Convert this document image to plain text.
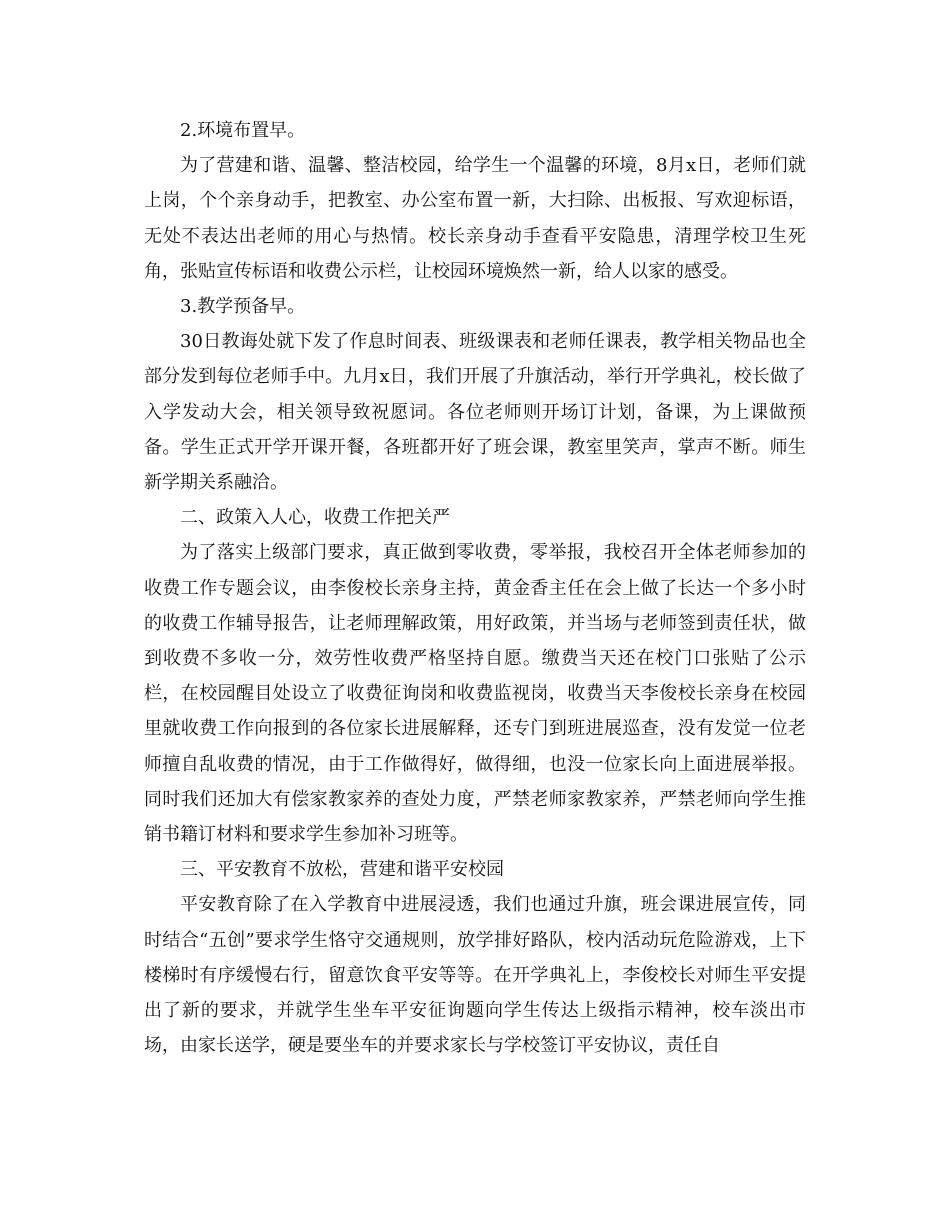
2.环境布置早。

为了营建和谐、温馨、整洁校园，给学生一个温馨的环境，8月x日，老师们就上岗，个个亲身动手，把教室、办公室布置一新，大扫除、出板报、写欢迎标语，无处不表达出老师的用心与热情。校长亲身动手查看平安隐患，清理学校卫生死角，张贴宣传标语和收费公示栏，让校园环境焕然一新，给人以家的感受。

3.教学预备早。

30日教诲处就下发了作息时间表、班级课表和老师任课表，教学相关物品也全部分发到每位老师手中。九月x日，我们开展了升旗活动，举行开学典礼，校长做了入学发动大会，相关领导致祝愿词。各位老师则开场订计划，备课，为上课做预备。学生正式开学开课开餐，各班都开好了班会课，教室里笑声，掌声不断。师生新学期关系融洽。

二、政策入人心，收费工作把关严

为了落实上级部门要求，真正做到零收费，零举报，我校召开全体老师参加的收费工作专题会议，由李俊校长亲身主持，黄金香主任在会上做了长达一个多小时的收费工作辅导报告，让老师理解政策，用好政策，并当场与老师签到责任状，做到收费不多收一分，效劳性收费严格坚持自愿。缴费当天还在校门口张贴了公示栏，在校园醒目处设立了收费征询岗和收费监视岗，收费当天李俊校长亲身在校园里就收费工作向报到的各位家长进展解释，还专门到班进展巡查，没有发觉一位老师擅自乱收费的情况，由于工作做得好，做得细，也没一位家长向上面进展举报。同时我们还加大有偿家教家养的查处力度，严禁老师家教家养，严禁老师向学生推销书籍订材料和要求学生参加补习班等。

三、平安教育不放松，营建和谐平安校园

平安教育除了在入学教育中进展浸透，我们也通过升旗，班会课进展宣传，同时结合“五创”要求学生恪守交通规则，放学排好路队，校内活动玩危险游戏，上下楼梯时有序缓慢右行，留意饮食平安等等。在开学典礼上，李俊校长对师生平安提出了新的要求，并就学生坐车平安征询题向学生传达上级指示精神，校车淡出市场，由家长送学，硬是要坐车的并要求家长与学校签订平安协议，责任自
